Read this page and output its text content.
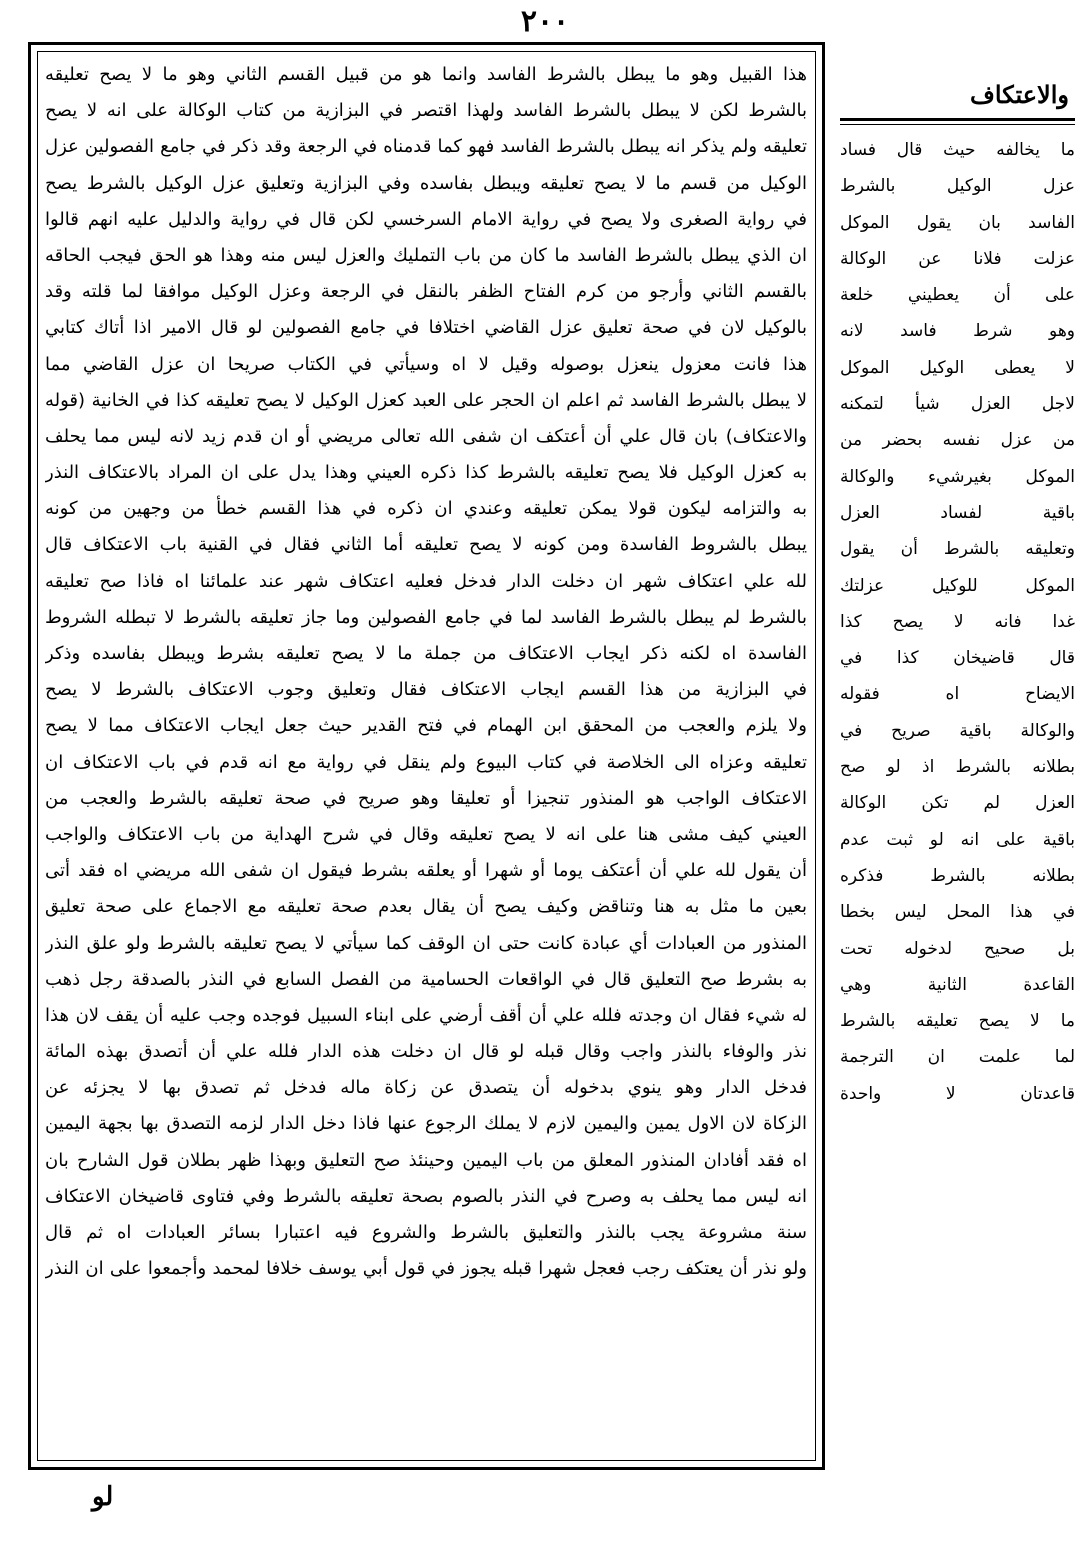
٢٠٠
هذا القبيل وهو ما يبطل بالشرط الفاسد وانما هو من قبيل القسم الثاني وهو ما لا يصح تعليقه
بالشرط لكن لا يبطل بالشرط الفاسد ولهذا اقتصر في البزازية من كتاب الوكالة على انه لا يصح
تعليقه ولم يذكر انه يبطل بالشرط الفاسد فهو كما قدمناه في الرجعة وقد ذكر في جامع الفصولين عزل
الوكيل من قسم ما لا يصح تعليقه ويبطل بفاسده وفي البزازية وتعليق عزل الوكيل بالشرط يصح
في رواية الصغرى ولا يصح في رواية الامام السرخسي لكن قال في رواية والدليل عليه انهم قالوا
ان الذي يبطل بالشرط الفاسد ما كان من باب التمليك والعزل ليس منه وهذا هو الحق فيجب الحاقه
بالقسم الثاني وأرجو من كرم الفتاح الظفر بالنقل في الرجعة وعزل الوكيل موافقا لما قلته وقد
بالوكيل لان في صحة تعليق عزل القاضي اختلافا في جامع الفصولين لو قال الامير اذا أتاك كتابي
هذا فانت معزول ينعزل بوصوله وقيل لا اه وسيأتي في الكتاب صريحا ان عزل القاضي مما
لا يبطل بالشرط الفاسد ثم اعلم ان الحجر على العبد كعزل الوكيل لا يصح تعليقه كذا في الخانية (قوله
والاعتكاف) بان قال علي أن أعتكف ان شفى الله تعالى مريضي أو ان قدم زيد لانه ليس مما يحلف
به كعزل الوكيل فلا يصح تعليقه بالشرط كذا ذكره العيني وهذا يدل على ان المراد بالاعتكاف النذر
به والتزامه ليكون قولا يمكن تعليقه وعندي ان ذكره في هذا القسم خطأ من وجهين من كونه
يبطل بالشروط الفاسدة ومن كونه لا يصح تعليقه أما الثاني فقال في القنية باب الاعتكاف قال
لله علي اعتكاف شهر ان دخلت الدار فدخل فعليه اعتكاف شهر عند علمائنا اه فاذا صح تعليقه
بالشرط لم يبطل بالشرط الفاسد لما في جامع الفصولين وما جاز تعليقه بالشرط لا تبطله الشروط
الفاسدة اه لكنه ذكر ايجاب الاعتكاف من جملة ما لا يصح تعليقه بشرط ويبطل بفاسده وذكر
في البزازية من هذا القسم ايجاب الاعتكاف فقال وتعليق وجوب الاعتكاف بالشرط لا يصح
ولا يلزم والعجب من المحقق ابن الهمام في فتح القدير حيث جعل ايجاب الاعتكاف مما لا يصح
تعليقه وعزاه الى الخلاصة في كتاب البيوع ولم ينقل في رواية مع انه قدم في باب الاعتكاف ان
الاعتكاف الواجب هو المنذور تنجيزا أو تعليقا وهو صريح في صحة تعليقه بالشرط والعجب من
العيني كيف مشى هنا على انه لا يصح تعليقه وقال في شرح الهداية من باب الاعتكاف والواجب
أن يقول لله علي أن أعتكف يوما أو شهرا أو يعلقه بشرط فيقول ان شفى الله مريضي اه فقد أتى
بعين ما مثل به هنا وتناقض وكيف يصح أن يقال بعدم صحة تعليقه مع الاجماع على صحة تعليق
المنذور من العبادات أي عبادة كانت حتى ان الوقف كما سيأتي لا يصح تعليقه بالشرط ولو علق النذر
به بشرط صح التعليق قال في الواقعات الحسامية من الفصل السابع في النذر بالصدقة رجل ذهب
له شيء فقال ان وجدته فلله علي أن أقف أرضي على ابناء السبيل فوجده وجب عليه أن يقف لان هذا
نذر والوفاء بالنذر واجب وقال قبله لو قال ان دخلت هذه الدار فلله علي أن أتصدق بهذه المائة
فدخل الدار وهو ينوي بدخوله أن يتصدق عن زكاة ماله فدخل ثم تصدق بها لا يجزئه عن
الزكاة لان الاول يمين واليمين لازم لا يملك الرجوع عنها فاذا دخل الدار لزمه التصدق بها بجهة اليمين
اه فقد أفادان المنذور المعلق من باب اليمين وحينئذ صح التعليق وبهذا ظهر بطلان قول الشارح بان
انه ليس مما يحلف به وصرح في النذر بالصوم بصحة تعليقه بالشرط وفي فتاوى قاضيخان الاعتكاف
سنة مشروعة يجب بالنذر والتعليق بالشرط والشروع فيه اعتبارا بسائر العبادات اه ثم قال
ولو نذر أن يعتكف رجب فعجل شهرا قبله يجوز في قول أبي يوسف خلافا لمحمد وأجمعوا على ان النذر
والاعتكاف
ما يخالفه حيث قال فساد
عزل الوكيل بالشرط
الفاسد بان يقول الموكل
عزلت فلانا عن الوكالة
على أن يعطيني خلعة
وهو شرط فاسد لانه
لا يعطى الوكيل الموكل
لاجل العزل شيأ لتمكنه
من عزل نفسه بحضر من
الموكل بغيرشيء والوكالة
باقية لفساد العزل
وتعليقه بالشرط أن يقول
الموكل للوكيل عزلتك
غدا فانه لا يصح كذا
قال قاضيخان كذا في
الايضاح اه فقوله
والوكالة باقية صريح في
بطلانه بالشرط اذ لو صح
العزل لم تكن الوكالة
باقية على انه لو ثبت عدم
بطلانه بالشرط فذكره
في هذا المحل ليس بخطا
بل صحيح لدخوله تحت
القاعدة الثانية وهي
ما لا يصح تعليقه بالشرط
لما علمت ان الترجمة
قاعدتان لا واحدة
لو
